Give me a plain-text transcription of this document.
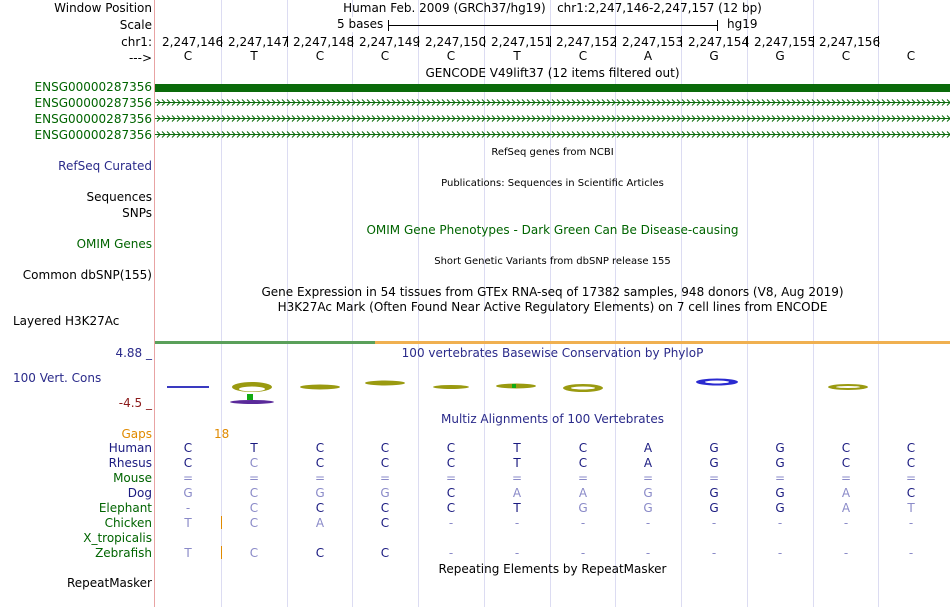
Window Position	Human Feb. 2009 (GRCh37/hg19)   chr1:2,247,146-2,247,157 (12 bp)
Scale	5 bases	hg19
chr1: 2,247,146 2,247,147 2,247,148 2,247,149 2,247,150 2,247,151 2,247,152 2,247,153 2,247,154 2,247,155 2,247,156
--->	C	T	C	C	C	T	C	A	G	G	C	C
GENCODE V49lift37 (12 items filtered out)
ENSG00000287356
ENSG00000287356
ENSG00000287356
ENSG00000287356
RefSeq genes from NCBI
RefSeq Curated
Publications: Sequences in Scientific Articles
Sequences
SNPs
OMIM Gene Phenotypes - Dark Green Can Be Disease-causing
OMIM Genes
Short Genetic Variants from dbSNP release 155
Common dbSNP(155)
Gene Expression in 54 tissues from GTEx RNA-seq of 17382 samples, 948 donors (V8, Aug 2019)
H3K27Ac Mark (Often Found Near Active Regulatory Elements) on 7 cell lines from ENCODE
Layered H3K27Ac
4.88 _	100 vertebrates Basewise Conservation by PhyloP
100 Vert. Cons
-4.5 _
Multiz Alignments of 100 Vertebrates
Gaps	18
Human	C	T	C	C	C	T	C	A	G	G	C	C
Rhesus	C	C	C	C	C	T	C	A	G	G	C	C
Mouse	=	=	=	=	=	=	=	=	=	=	=	=
Dog	G	C	G	G	C	A	A	G	G	G	A	C
Elephant	-	C	C	C	C	T	G	G	G	G	A	T
Chicken	T	C	A	C	-	-	-	-	-	-	-	-
X_tropicalis
Zebrafish	T	C	C	C	-	-	-	-	-	-	-	-
Repeating Elements by RepeatMasker
RepeatMasker
